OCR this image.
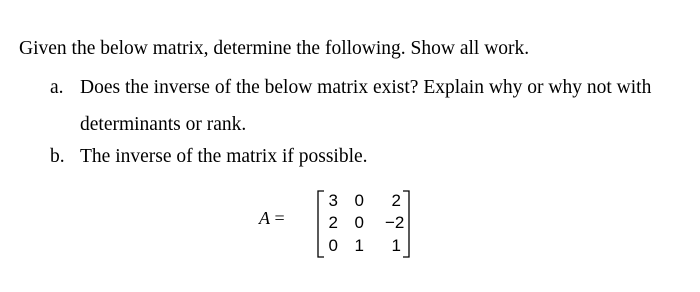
Given the below matrix, determine the following. Show all work.
a. Does the inverse of the below matrix exist? Explain why or why not with
determinants or rank.
b. The inverse of the matrix if possible.
A =
3 0	2
2 0 −2
0 1	1
